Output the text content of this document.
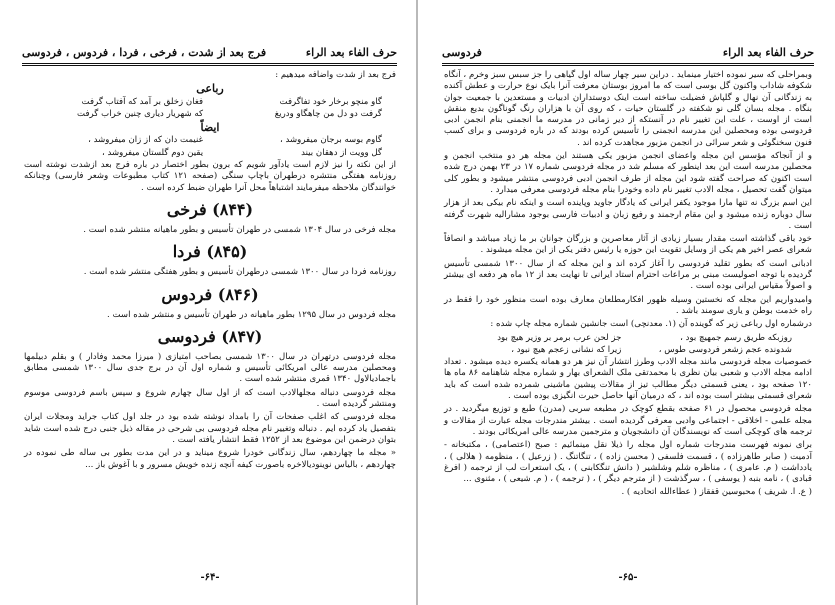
حرف الفاء بعد الراء
فرج بعد از شدت ، فرخی ، فردا ، فردوس ، فردوسی

فرج بعد از شدت واضافه میدهیم :

رباعی
گاو منچو برخار خود تفاگرفت
فغان زخلق بر آمد که آفتاب گرفت
گرفت دو دل من چاهگاو ودریغ
که شهریار دیاری چنین خراب گرفت
ایضاً
گاوم بوسه برجان میفروشد ،
غنیمت دان که از زان میفروشد ،
گل وویت از دهقان بیند
یقین دوم گلستان میفروشد ،

از این نکته را نیز لازم است یادآور شویم که برون بطور اختصار در باره فرج بعد ازشدت نوشته است روزنامه هفتگی منتشره درطهران باچاپ سنگی (صفحه ۱۲۱ کتاب مطبوعات وشعر فارسی) وچنانکه خوانندگان ملاحظه میفرمایند اشتباهاً محل آنرا طهران ضبط کرده است .

(۸۴۴) فرخی

مجله فرخی در سال ۱۳۰۴ شمسی در طهران تأسیس و بطور ماهیانه منتشر شده است .

(۸۴۵) فردا

روزنامه فردا در سال ۱۳۰۰ شمسی درطهران تأسیس و بطور هفتگی منتشر شده است .

(۸۴۶) فردوس

مجله فردوس در سال ۱۲۹۵ بطور ماهیانه در طهران تأسیس و منتشر شده است .

(۸۴۷) فردوسی

مجله فردوسی درتهران در سال ۱۳۰۰ شمسی بصاحب امتیازی ( میرزا محمد وفادار ) و بقلم دبیلمها ومحصلین مدرسه عالی امریکائی تأسیس و شماره اول آن در برج جدی سال ۱۳۰۰ شمسی مطابق باجمادیالاول ۱۳۴۰ قمری منتشر شده است .

مجله فردوسی دنباله مجلهالادب است که از اول سال چهارم شروع و سپس باسم فردوسی موسوم ومنتشر گردیده است .

مجله فردوسی که اغلب صفحات آن را بامداد نوشته شده بود در جلد اول کتاب جراید ومجلات ایران بتفصیل یاد کرده ایم . دنباله وتغییر نام مجله فردوسی بی شرحی در مقاله ذیل جنبی درج شده است شاید بتوان درضمن این موضوع بعد از ۱۲۵۲ فقط انتشار یافته است .

« مجله ما چهاردهم، سال زندگانی خودرا شروع میناید و در این مدت بطور بی ساله طی نموده در چهاردهم ، بالیاس نوینودیالاخره باصورت کیفه آنچه زنده خویش مسرور و با آغوش باز ...

-۶۴-
حرف الفاء بعد الراء
فردوسی

وبمراحلی که سیر نموده اختیار مینماید . دراین سیر چهار ساله اول گیاهی را جز سبس سبز وخرم ، آنگاه شکوفه شاداب واکنون گل بوسی است که ما امروز بوستان معرفت آنرا بایک نوع حرارت و عطش آکنده به زندگانی آن نهال و گلپاش فضیلت ساخته است اینک دوستداران ادبیات و مستعدین با جمعیت جوان بنگاه . مجله بسان گلی نو شکفته در گلستان حیات ، که روی آن با هزاران رنگ گوناگون بدیع منقش است از اوست ، علت این تغییر نام در آنستکه از دیر زمانی در مدرسه ما انجمنی بنام انجمن ادبی فردوسی بوده ومحصلین این مدرسه انجمنی را تأسیس کرده بودند که در باره فردوسی و برای کسب فنون سخنگوئی و شعر سرائی در انجمن مزبور مجاهدت کرده اند .

و از آنجاکه مؤسس این مجله واعضای انجمن مزبور یکی هستند این مجله هر دو منتخب انجمن و محصلین مدرسه است این بعد اینطور که مسلم شد در مجله فردوسی شماره ۱۷ در ۲۳ بهمن درج شده است اکنون که صراحت گفته شود این مجله از طرف انجمن ادبی فردوسی منتشر میشود و بطور کلی میتوان گفت تحصیل ، مجله الادب تغییر نام داده وخودرا بنام مجله فردوسی معرفی میدارد .

این اسم بزرگ نه تنها مارا موجود یکفر ایرانی که یادگار جاوید وپاینده است و اینکه نام بیکی بعد از هزار سال دوباره زنده میشود و این مقام ارجمند و رفیع زبان و ادبیات فارسی بوجود مشارالیه شهرت گرفته است .

خود باقی گذاشته است مقدار بسیار زیادی از آثار معاصرین و بزرگان جوانان بر ما زیاد میباشد و انصافاً شعرای عصر اخیر هم یکی از وسایل تقویت این حوزه یا رئیس دفتر یکی از این مجله میشوند .

ادبانی است که بطور تقلید فردوسی را آغاز کرده اند و این مجله که از سال ۱۳۰۰ شمسی تأسیس گردیده با توجه اصولیست مبنی بر مراعات احترام استاد ایرانی تا نهایت بعد از ۱۲ ماه هر دفعه ای بیشتر و اصولاً مقیاس ایرانی بوده است .

وامیدواریم این مجله که نخستین وسیله ظهور افکارمطلعان معارف بوده است منظور خود را فقط در راه خدمت بوطن و یاری سومند باشد .

درشماره اول رباعی زیر که گوینده آن (۱. معدنچی) است جانشین شماره مجله چاپ شده :

روزبکه طریق رسم جمهیچ بود ،
جز لحن عرب برمر بر وزیر هیچ بود
شدونده عجم زشعر فردوسی طوس ،
زیرا که نشانی زعجم هیچ نبود ،

خصوصیات مجله فردوسی مانند مجله الادب وطرز انتشار آن نیز هر دو همانه یکسره دیده میشود . تعداد ادامه مجله الادب و شعبی بیان نظری با محمدتقی ملک الشعرای بهار و شماره مجله شاهنامه ۸۶ ماه ها ۱۲۰ صفحه بود ، یعنی قسمتی دیگر مطالب تیز از مقالات پیشین ماشینی شمرده شده است که باید شعرای قسمتی بیشتر است بوده اند ، که درمیان آنها حاصل حیرت انگیزی بوده است .

مجله فردوسی محصول در ۶۱ صفحه بقطع کوچک در مطبعه سربی (مدرن) طبع و توزیع میگردید . در مجله علمی - اخلاقی - اجتماعی وادبی معرفی گردیده است . بیشتر مندرجات مجله عبارت از مقالات و ترجمه های کوچکی است که نویسندگان آن دانشجویان و مترجمین مدرسه عالی امریکائی بودند .

برای نمونه فهرست مندرجات شماره اول مجله را ذیلا نقل مینمائیم : صبح (اعتصامی) ، مکتبخانه - آدمیت ( صابر طاهرزاده ) ، قسمت فلسفی ( محسن زاده ) ، تنگاتنگ . ( زرعیل ) ، منظومه ( هلالی ) ، یادداشت ( م. عامری ) ، مناظره شلم وشلشیر ( دانش تنگکابنی ) ، یک استعرات لب از ترجمه ( افرغ قبادی ) ، نامه بنبه ( یوسفی ) ، سرگذشت ( از مترجم دیگر ) ، ( ترجمه ) ، ( م. شیعی ) ، مثنوی ...

( ع. ا. شریف ) محبوسین قفقاز ( عطاءالله اتحادیه ) .

-۶۵-
